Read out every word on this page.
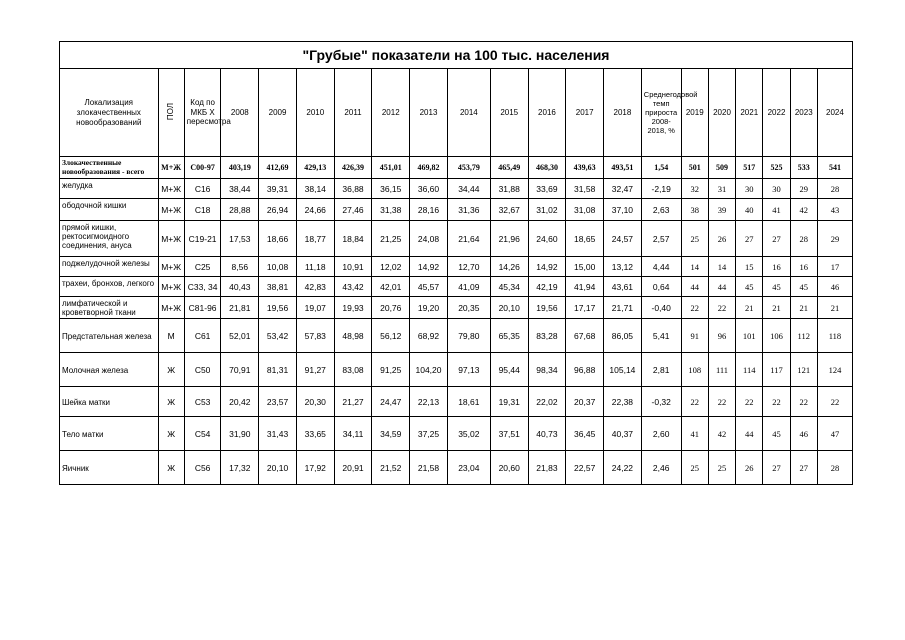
"Грубые" показатели на 100 тыс. населения																				
Локализация злокачественных новообразований	ПОЛ	Код по МКБ X пересмотра	2008	2009	2010	2011	2012	2013	2014	2015	2016	2017	2018	Среднегодовой темп прироста 2008-2018, %	2019	2020	2021	2022	2023	2024
Злокачественные новообразования - всего	М+Ж	C00-97	403,19	412,69	429,13	426,39	451,01	469,82	453,79	465,49	468,30	439,63	493,51	1,54	501	509	517	525	533	541
желудка	М+Ж	С16	38,44	39,31	38,14	36,88	36,15	36,60	34,44	31,88	33,69	31,58	32,47	-2,19	32	31	30	30	29	28
ободочной кишки	М+Ж	С18	28,88	26,94	24,66	27,46	31,38	28,16	31,36	32,67	31,02	31,08	37,10	2,63	38	39	40	41	42	43
прямой кишки, ректосигмоидного соединения, ануса	М+Ж	С19-21	17,53	18,66	18,77	18,84	21,25	24,08	21,64	21,96	24,60	18,65	24,57	2,57	25	26	27	27	28	29
поджелудочной железы	М+Ж	С25	8,56	10,08	11,18	10,91	12,02	14,92	12,70	14,26	14,92	15,00	13,12	4,44	14	14	15	16	16	17
трахеи, бронхов, легкого	М+Ж	С33, 34	40,43	38,81	42,83	43,42	42,01	45,57	41,09	45,34	42,19	41,94	43,61	0,64	44	44	45	45	45	46
лимфатической и кроветворной ткани	М+Ж	С81-96	21,81	19,56	19,07	19,93	20,76	19,20	20,35	20,10	19,56	17,17	21,71	-0,40	22	22	21	21	21	21
Предстательная железа	М	С61	52,01	53,42	57,83	48,98	56,12	68,92	79,80	65,35	83,28	67,68	86,05	5,41	91	96	101	106	112	118
Молочная железа	Ж	С50	70,91	81,31	91,27	83,08	91,25	104,20	97,13	95,44	98,34	96,88	105,14	2,81	108	111	114	117	121	124
Шейка матки	Ж	С53	20,42	23,57	20,30	21,27	24,47	22,13	18,61	19,31	22,02	20,37	22,38	-0,32	22	22	22	22	22	22
Тело матки	Ж	С54	31,90	31,43	33,65	34,11	34,59	37,25	35,02	37,51	40,73	36,45	40,37	2,60	41	42	44	45	46	47
Яичник	Ж	С56	17,32	20,10	17,92	20,91	21,52	21,58	23,04	20,60	21,83	22,57	24,22	2,46	25	25	26	27	27	28
